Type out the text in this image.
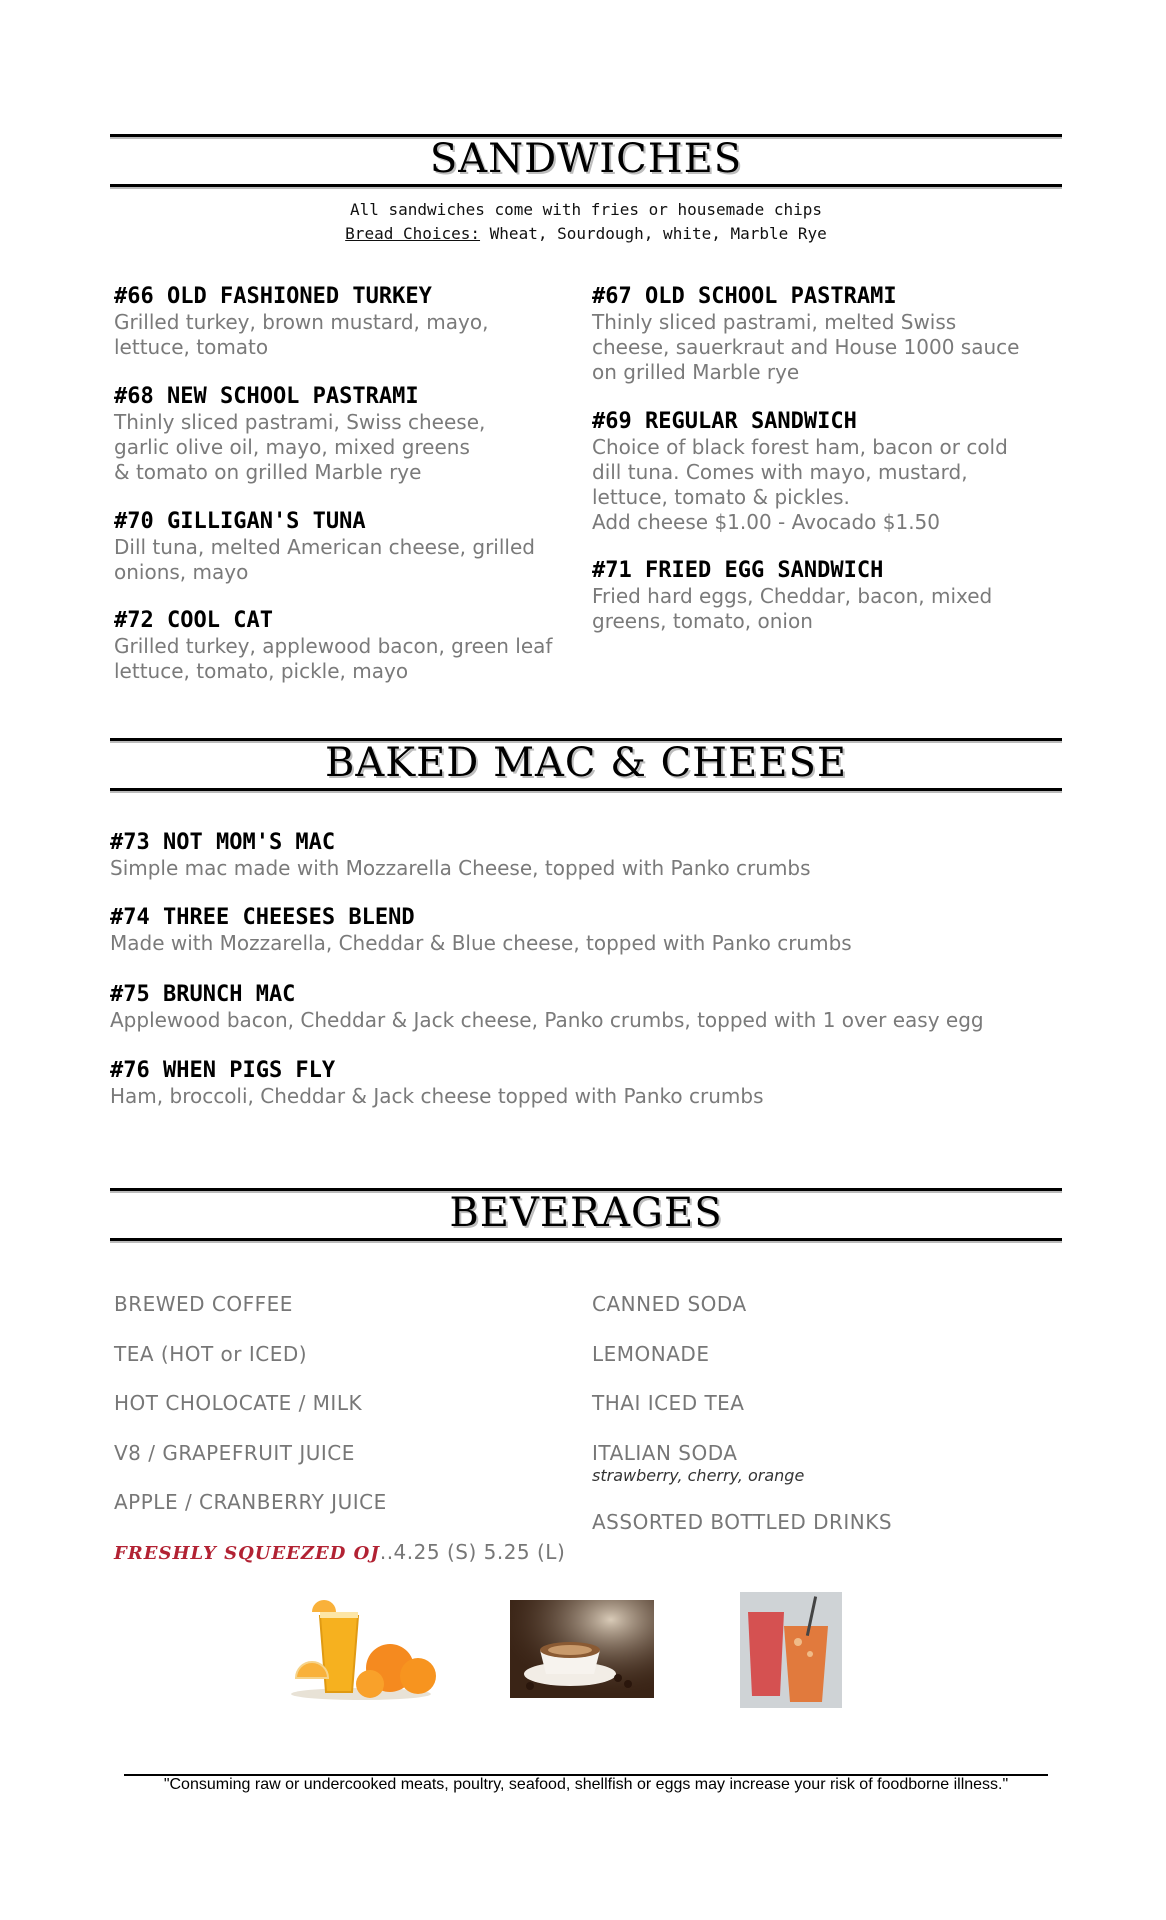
SANDWICHES
All sandwiches come with fries or housemade chips
Bread Choices: Wheat, Sourdough, white, Marble Rye
#66 OLD FASHIONED TURKEY
Grilled turkey, brown mustard, mayo,
lettuce, tomato
#67 OLD SCHOOL PASTRAMI
Thinly sliced pastrami, melted Swiss
cheese, sauerkraut and House 1000 sauce
on grilled Marble rye
#68 NEW SCHOOL PASTRAMI
Thinly sliced pastrami, Swiss cheese,
garlic olive oil, mayo, mixed greens
& tomato on grilled Marble rye
#69 REGULAR SANDWICH
Choice of black forest ham, bacon or cold
dill tuna. Comes with mayo, mustard,
lettuce, tomato & pickles.
Add cheese $1.00 - Avocado $1.50
#70 GILLIGAN'S TUNA
Dill tuna, melted American cheese, grilled
onions, mayo	#71 FRIED EGG SANDWICH
Fried hard eggs, Cheddar, bacon, mixed
greens, tomato, onion
#72 COOL CAT
Grilled turkey, applewood bacon, green leaf
lettuce, tomato, pickle, mayo
BAKED MAC & CHEESE
#73 NOT MOM'S MAC
Simple mac made with Mozzarella Cheese, topped with Panko crumbs
#74 THREE CHEESES BLEND
Made with Mozzarella, Cheddar & Blue cheese, topped with Panko crumbs
#75 BRUNCH MAC
Applewood bacon, Cheddar & Jack cheese, Panko crumbs, topped with 1 over easy egg
#76 WHEN PIGS FLY
Ham, broccoli, Cheddar & Jack cheese topped with Panko crumbs
BEVERAGES
BREWED COFFEE
TEA (HOT or ICED)
HOT CHOLOCATE / MILK
V8 / GRAPEFRUIT JUICE
APPLE / CRANBERRY JUICE
FRESHLY SQUEEZED OJ..4.25 (S) 5.25 (L)
CANNED SODA
LEMONADE
THAI ICED TEA
ITALIAN SODA
strawberry, cherry, orange
ASSORTED BOTTLED DRINKS
"Consuming raw or undercooked meats, poultry, seafood, shellfish or eggs may increase your risk of foodborne illness."
